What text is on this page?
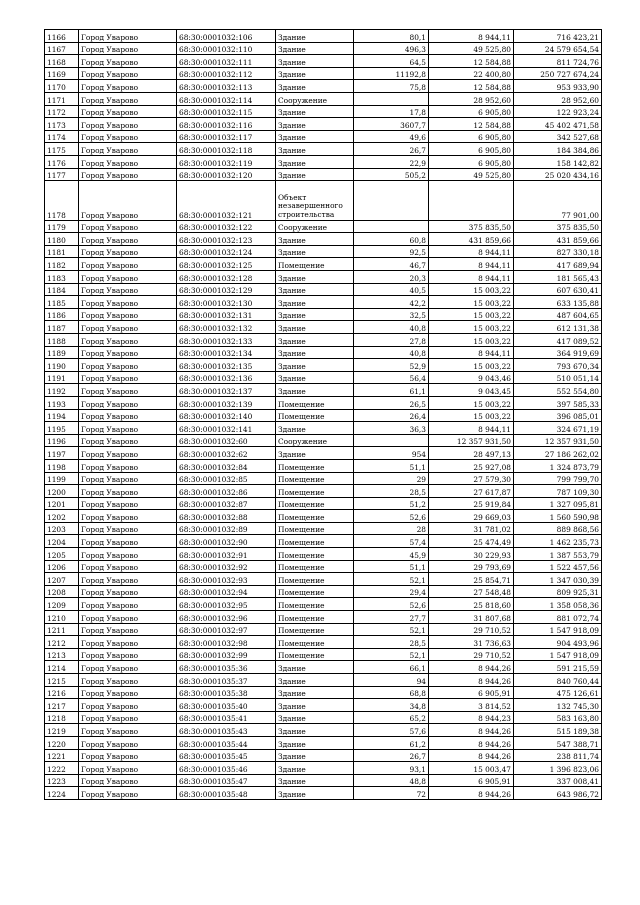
1166	Город Уварово	68:30:0001032:106	Здание	80,1	8 944,11	716 423,21
1167	Город Уварово	68:30:0001032:110	Здание	496,3	49 525,80	24 579 654,54
1168	Город Уварово	68:30:0001032:111	Здание	64,5	12 584,88	811 724,76
1169	Город Уварово	68:30:0001032:112	Здание	11192,8	22 400,80	250 727 674,24
1170	Город Уварово	68:30:0001032:113	Здание	75,8	12 584,88	953 933,90
1171	Город Уварово	68:30:0001032:114	Сооружение		28 952,60	28 952,60
1172	Город Уварово	68:30:0001032:115	Здание	17,8	6 905,80	122 923,24
1173	Город Уварово	68:30:0001032:116	Здание	3607,7	12 584,88	45 402 471,58
1174	Город Уварово	68:30:0001032:117	Здание	49,6	6 905,80	342 527,68
1175	Город Уварово	68:30:0001032:118	Здание	26,7	6 905,80	184 384,86
1176	Город Уварово	68:30:0001032:119	Здание	22,9	6 905,80	158 142,82
1177	Город Уварово	68:30:0001032:120	Здание	505,2	49 525,80	25 020 434,16
1178	Город Уварово	68:30:0001032:121	Объект
незавершенного
строительства			77 901,00
1179	Город Уварово	68:30:0001032:122	Сооружение		375 835,50	375 835,50
1180	Город Уварово	68:30:0001032:123	Здание	60,8	431 859,66	431 859,66
1181	Город Уварово	68:30:0001032:124	Здание	92,5	8 944,11	827 330,18
1182	Город Уварово	68:30:0001032:125	Помещение	46,7	8 944,11	417 689,94
1183	Город Уварово	68:30:0001032:128	Здание	20,3	8 944,11	181 565,43
1184	Город Уварово	68:30:0001032:129	Здание	40,5	15 003,22	607 630,41
1185	Город Уварово	68:30:0001032:130	Здание	42,2	15 003,22	633 135,88
1186	Город Уварово	68:30:0001032:131	Здание	32,5	15 003,22	487 604,65
1187	Город Уварово	68:30:0001032:132	Здание	40,8	15 003,22	612 131,38
1188	Город Уварово	68:30:0001032:133	Здание	27,8	15 003,22	417 089,52
1189	Город Уварово	68:30:0001032:134	Здание	40,8	8 944,11	364 919,69
1190	Город Уварово	68:30:0001032:135	Здание	52,9	15 003,22	793 670,34
1191	Город Уварово	68:30:0001032:136	Здание	56,4	9 043,46	510 051,14
1192	Город Уварово	68:30:0001032:137	Здание	61,1	9 043,45	552 554,80
1193	Город Уварово	68:30:0001032:139	Помещение	26,5	15 003,22	397 585,33
1194	Город Уварово	68:30:0001032:140	Помещение	26,4	15 003,22	396 085,01
1195	Город Уварово	68:30:0001032:141	Здание	36,3	8 944,11	324 671,19
1196	Город Уварово	68:30:0001032:60	Сооружение		12 357 931,50	12 357 931,50
1197	Город Уварово	68:30:0001032:62	Здание	954	28 497,13	27 186 262,02
1198	Город Уварово	68:30:0001032:84	Помещение	51,1	25 927,08	1 324 873,79
1199	Город Уварово	68:30:0001032:85	Помещение	29	27 579,30	799 799,70
1200	Город Уварово	68:30:0001032:86	Помещение	28,5	27 617,87	787 109,30
1201	Город Уварово	68:30:0001032:87	Помещение	51,2	25 919,84	1 327 095,81
1202	Город Уварово	68:30:0001032:88	Помещение	52,6	29 669,03	1 560 590,98
1203	Город Уварово	68:30:0001032:89	Помещение	28	31 781,02	889 868,56
1204	Город Уварово	68:30:0001032:90	Помещение	57,4	25 474,49	1 462 235,73
1205	Город Уварово	68:30:0001032:91	Помещение	45,9	30 229,93	1 387 553,79
1206	Город Уварово	68:30:0001032:92	Помещение	51,1	29 793,69	1 522 457,56
1207	Город Уварово	68:30:0001032:93	Помещение	52,1	25 854,71	1 347 030,39
1208	Город Уварово	68:30:0001032:94	Помещение	29,4	27 548,48	809 925,31
1209	Город Уварово	68:30:0001032:95	Помещение	52,6	25 818,60	1 358 058,36
1210	Город Уварово	68:30:0001032:96	Помещение	27,7	31 807,68	881 072,74
1211	Город Уварово	68:30:0001032:97	Помещение	52,1	29 710,52	1 547 918,09
1212	Город Уварово	68:30:0001032:98	Помещение	28,5	31 736,63	904 493,96
1213	Город Уварово	68:30:0001032:99	Помещение	52,1	29 710,52	1 547 918,09
1214	Город Уварово	68:30:0001035:36	Здание	66,1	8 944,26	591 215,59
1215	Город Уварово	68:30:0001035:37	Здание	94	8 944,26	840 760,44
1216	Город Уварово	68:30:0001035:38	Здание	68,8	6 905,91	475 126,61
1217	Город Уварово	68:30:0001035:40	Здание	34,8	3 814,52	132 745,30
1218	Город Уварово	68:30:0001035:41	Здание	65,2	8 944,23	583 163,80
1219	Город Уварово	68:30:0001035:43	Здание	57,6	8 944,26	515 189,38
1220	Город Уварово	68:30:0001035:44	Здание	61,2	8 944,26	547 388,71
1221	Город Уварово	68:30:0001035:45	Здание	26,7	8 944,26	238 811,74
1222	Город Уварово	68:30:0001035:46	Здание	93,1	15 003,47	1 396 823,06
1223	Город Уварово	68:30:0001035:47	Здание	48,8	6 905,91	337 008,41
1224	Город Уварово	68:30:0001035:48	Здание	72	8 944,26	643 986,72
